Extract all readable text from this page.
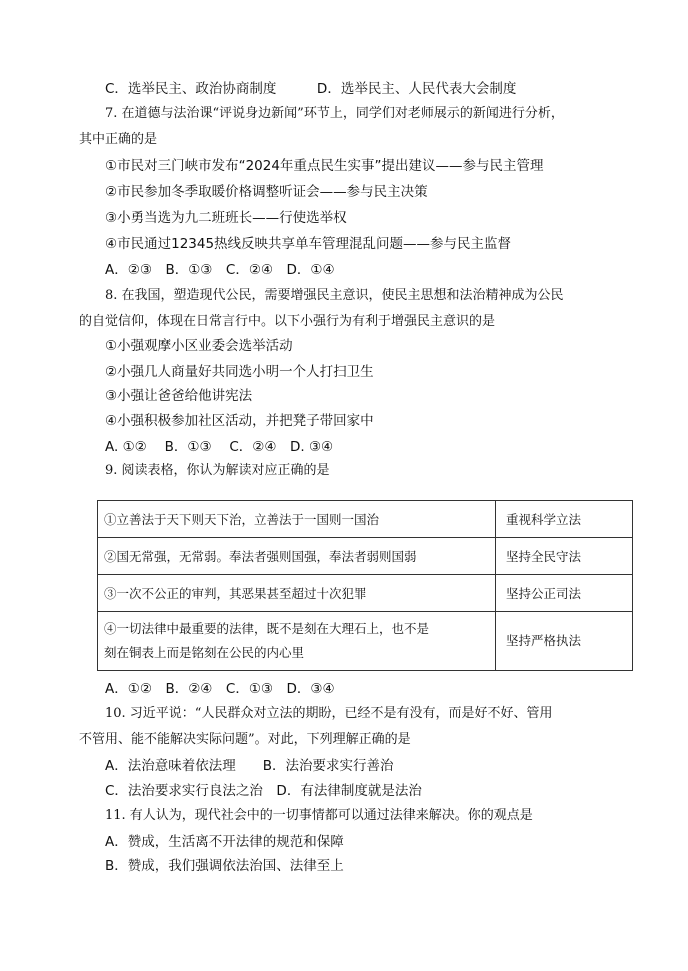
C．选举民主、政治协商制度　　　D．选举民主、人民代表大会制度
7. 在道德与法治课“评说身边新闻”环节上，同学们对老师展示的新闻进行分析，
其中正确的是
①市民对三门峡市发布“2024年重点民生实事”提出建议——参与民主管理
②市民参加冬季取暖价格调整听证会——参与民主决策
③小勇当选为九二班班长——行使选举权
④市民通过12345热线反映共享单车管理混乱问题——参与民主监督
A．②③　B．①③　C．②④　D．①④
8. 在我国，塑造现代公民，需要增强民主意识，使民主思想和法治精神成为公民
的自觉信仰，体现在日常言行中。以下小强行为有利于增强民主意识的是
①小强观摩小区业委会选举活动
②小强几人商量好共同选小明一个人打扫卫生
③小强让爸爸给他讲宪法
④小强积极参加社区活动，并把凳子带回家中
A. ①②　 B．①③　 C．②④　D. ③④
9. 阅读表格，你认为解读对应正确的是
①立善法于天下则天下治，立善法于一国则一国治	重视科学立法
②国无常强，无常弱。奉法者强则国强，奉法者弱则国弱	坚持全民守法
③一次不公正的审判，其恶果甚至超过十次犯罪	坚持公正司法

④一切法律中最重要的法律，既不是刻在大理石上，也不是
刻在铜表上而是铭刻在公民的内心里	坚持严格执法
A．①②　B．②④　C．①③　D．③④
10. 习近平说：“人民群众对立法的期盼，已经不是有没有，而是好不好、管用
不管用、能不能解决实际问题”。对此，下列理解正确的是
A．法治意味着依法理　　B．法治要求实行善治
C．法治要求实行良法之治　D．有法律制度就是法治
11. 有人认为，现代社会中的一切事情都可以通过法律来解决。你的观点是
A．赞成，生活离不开法律的规范和保障
B．赞成，我们强调依法治国、法律至上
